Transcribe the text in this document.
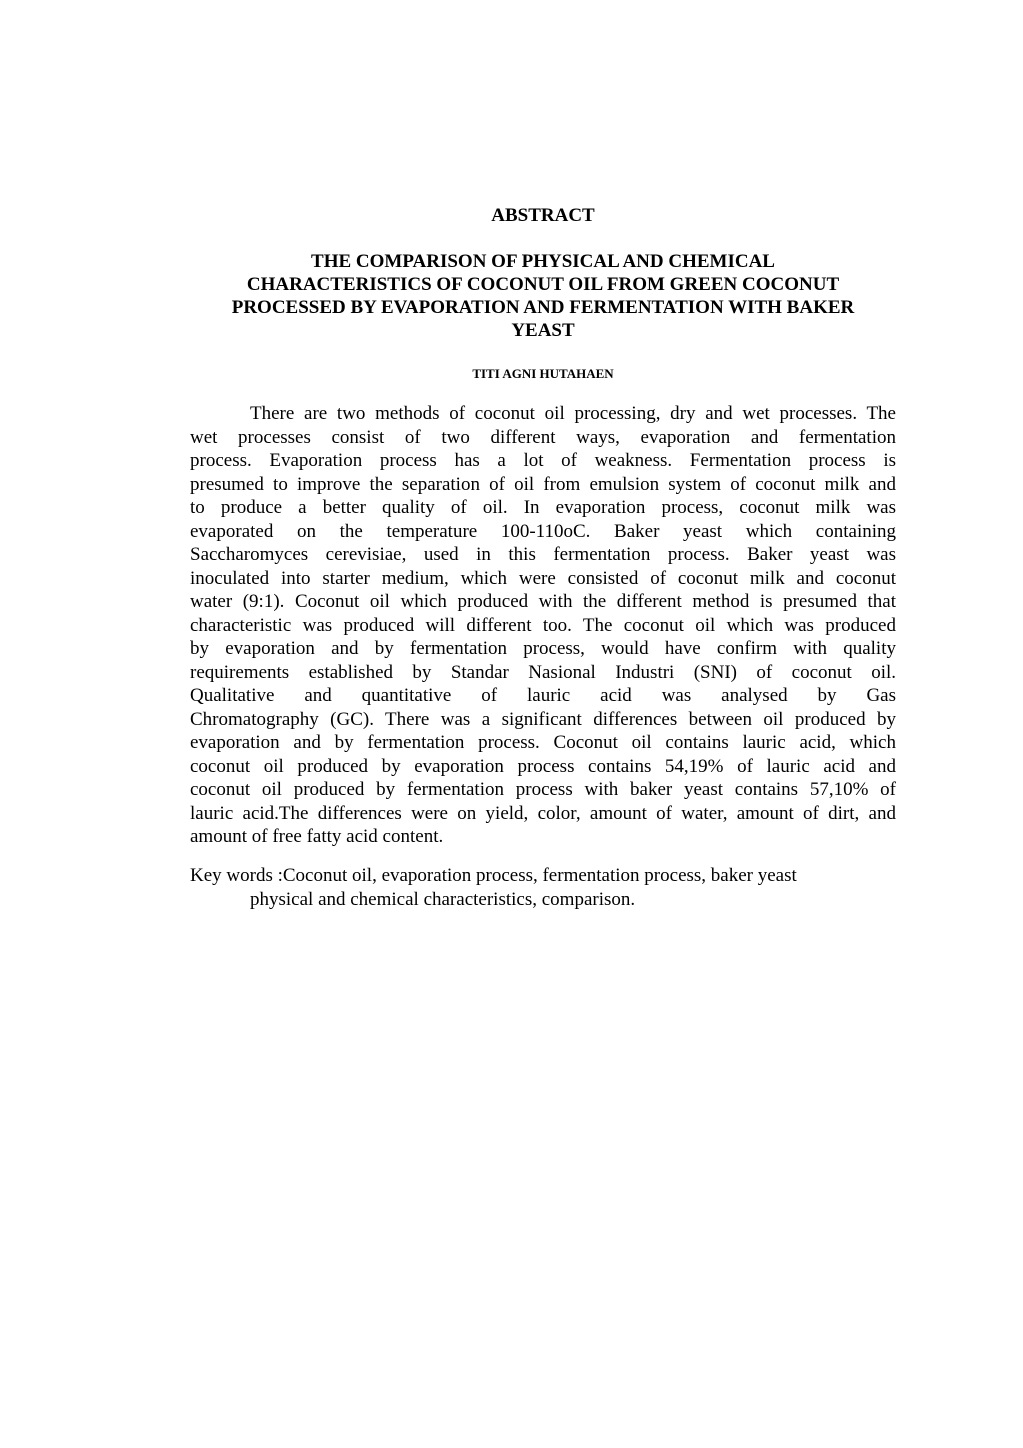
ABSTRACT
THE COMPARISON OF PHYSICAL AND CHEMICAL
CHARACTERISTICS OF COCONUT OIL FROM GREEN COCONUT
PROCESSED BY EVAPORATION AND FERMENTATION WITH BAKER
YEAST
TITI AGNI HUTAHAEN
There are two methods of coconut oil processing, dry and wet processes. The
wet processes consist of two different ways, evaporation and fermentation
process. Evaporation process has a lot of weakness. Fermentation process is
presumed to improve the separation of oil from emulsion system of coconut milk and
to produce a better quality of oil. In evaporation process, coconut milk was
evaporated on the temperature 100-110oC. Baker yeast which containing
Saccharomyces cerevisiae, used in this fermentation process. Baker yeast was
inoculated into starter medium, which were consisted of coconut milk and coconut
water (9:1). Coconut oil which produced with the different method is presumed that
characteristic was produced will different too. The coconut oil which was produced
by evaporation and by fermentation process, would have confirm with quality
requirements established by Standar Nasional Industri (SNI) of coconut oil.
Qualitative and quantitative of lauric acid was analysed by Gas
Chromatography (GC). There was a significant differences between oil produced by
evaporation and by fermentation process. Coconut oil contains lauric acid, which
coconut oil produced by evaporation process contains 54,19% of lauric acid and
coconut oil produced by fermentation process with baker yeast contains 57,10% of
lauric acid.The differences were on yield, color, amount of water, amount of dirt, and
amount of free fatty acid content.
Key words :Coconut oil, evaporation process, fermentation process, baker yeast
physical and chemical characteristics, comparison.
